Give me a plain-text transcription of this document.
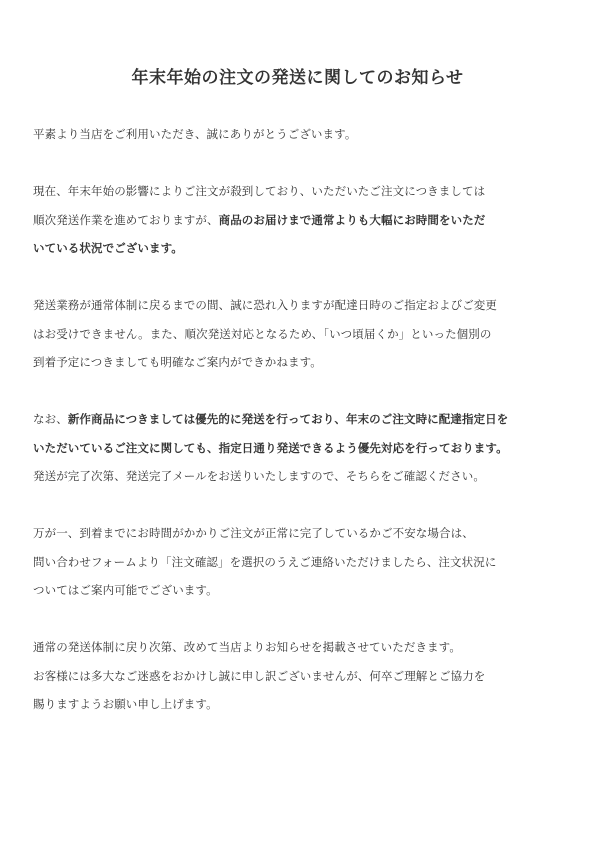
年末年始の注文の発送に関してのお知らせ
平素より当店をご利用いただき、誠にありがとうございます。
現在、年末年始の影響によりご注文が殺到しており、いただいたご注文につきましては
順次発送作業を進めておりますが、商品のお届けまで通常よりも大幅にお時間をいただ
いている状況でございます。
発送業務が通常体制に戻るまでの間、誠に恐れ入りますが配達日時のご指定およびご変更
はお受けできません。また、順次発送対応となるため、「いつ頃届くか」といった個別の
到着予定につきましても明確なご案内ができかねます。
なお、新作商品につきましては優先的に発送を行っており、年末のご注文時に配達指定日を
いただいているご注文に関しても、指定日通り発送できるよう優先対応を行っております。
発送が完了次第、発送完了メールをお送りいたしますので、そちらをご確認ください。
万が一、到着までにお時間がかかりご注文が正常に完了しているかご不安な場合は、
問い合わせフォームより「注文確認」を選択のうえご連絡いただけましたら、注文状況に
ついてはご案内可能でございます。
通常の発送体制に戻り次第、改めて当店よりお知らせを掲載させていただきます。
お客様には多大なご迷惑をおかけし誠に申し訳ございませんが、何卒ご理解とご協力を
賜りますようお願い申し上げます。
